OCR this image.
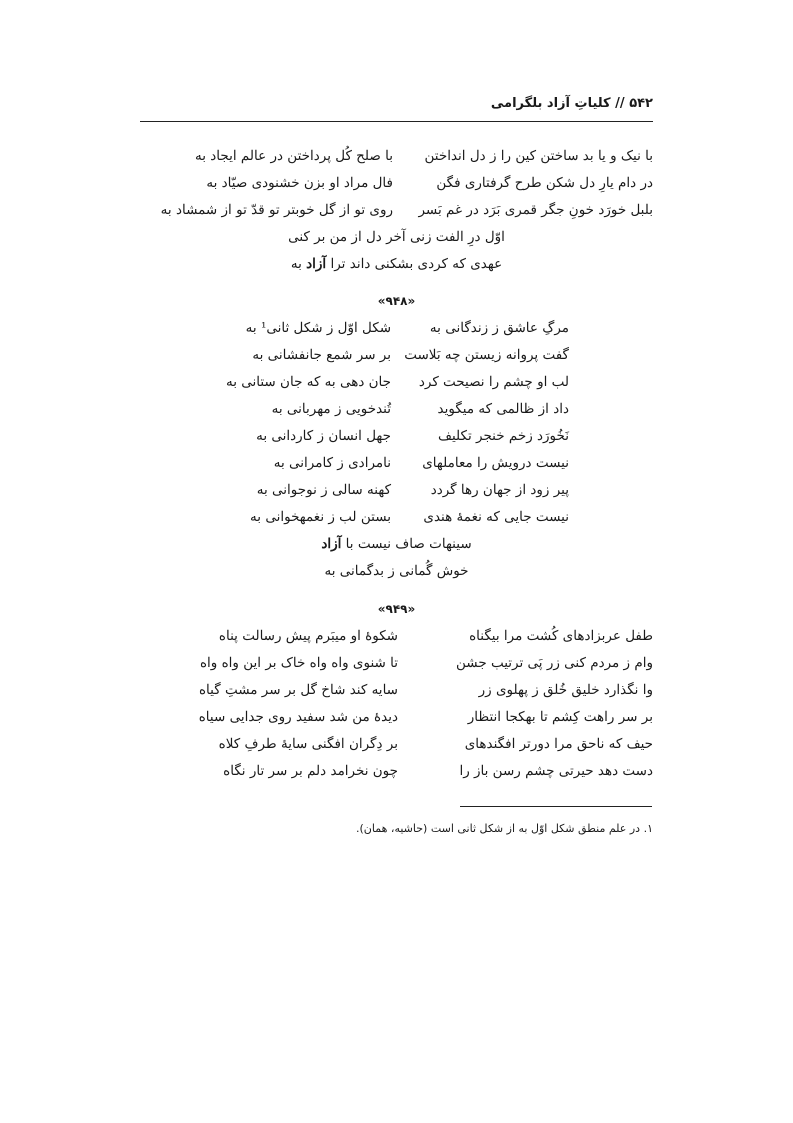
۵۴۲ // کلیاتِ آزاد بلگرامی
با نیک و یا بد ساختن کین را ز دل انداختن
با صلح کُل پرداختن در عالم ایجاد به
در دام یارِ دل شکن طرح گرفتاری فگن
فال مراد او بزن خشنودی صیّاد به
بلبل خورَد خونِ جگر قمری بَرَد در غم بَسر
روی تو از گل خوبتر تو قدّ تو از شمشاد به
اوّل درِ الفت زنی آخر دل از من بر کنی
عهدی که کردی بشکنی داند ترا آزاد به
«۹۴۸»
مرگِ عاشق ز زندگانی به
شکل اوّل ز شکل ثانی¹ به
گفت پروانه زیستن چه بَلاست
بر سر شمع جانفشانی به
لب او چشم را نصیحت کرد
جان دهی به که جان ستانی به
داد از ظالمی که میگوید
تُندخویی ز مهربانی به
نَخُورَد زخم خنجر تکلیف
جهل انسان ز کاردانی به
نیست درویش را معاملهای
نامرادی ز کامرانی به
پیر زود از جهان رها گردد
کهنه سالی ز نوجوانی به
نیست جایی که نغمهٔ هندی
بستن لب ز نغمهخوانی به
سینهات صاف نیست با آزاد
خوش گُمانی ز بدگمانی به
«۹۴۹»
طفل عربزادهای کُشت مرا بیگناه
شکوهٔ او میبَرم پیش رسالت پناه
وام ز مردم کنی زر پَی ترتیب جشن
تا شنوی واه واه خاک بر این واه واه
وا نگذارد خلیق خُلق ز پهلوی زر
سایه کند شاخ گل بر سر مشتِ گیاه
بر سر راهت کِشم تا بهکجا انتظار
دیدهٔ من شد سفید روی جدایی سیاه
حیف که ناحق مرا دورتر افگندهای
بر دِگران افگنی سایهٔ طرفِ کلاه
دست دهد حیرتی چشم رسن باز را
چون نخرامد دلم بر سر تار نگاه
۱. در علم منطق شکل اوّل به از شکل ثانی است (حاشیه، همان).
